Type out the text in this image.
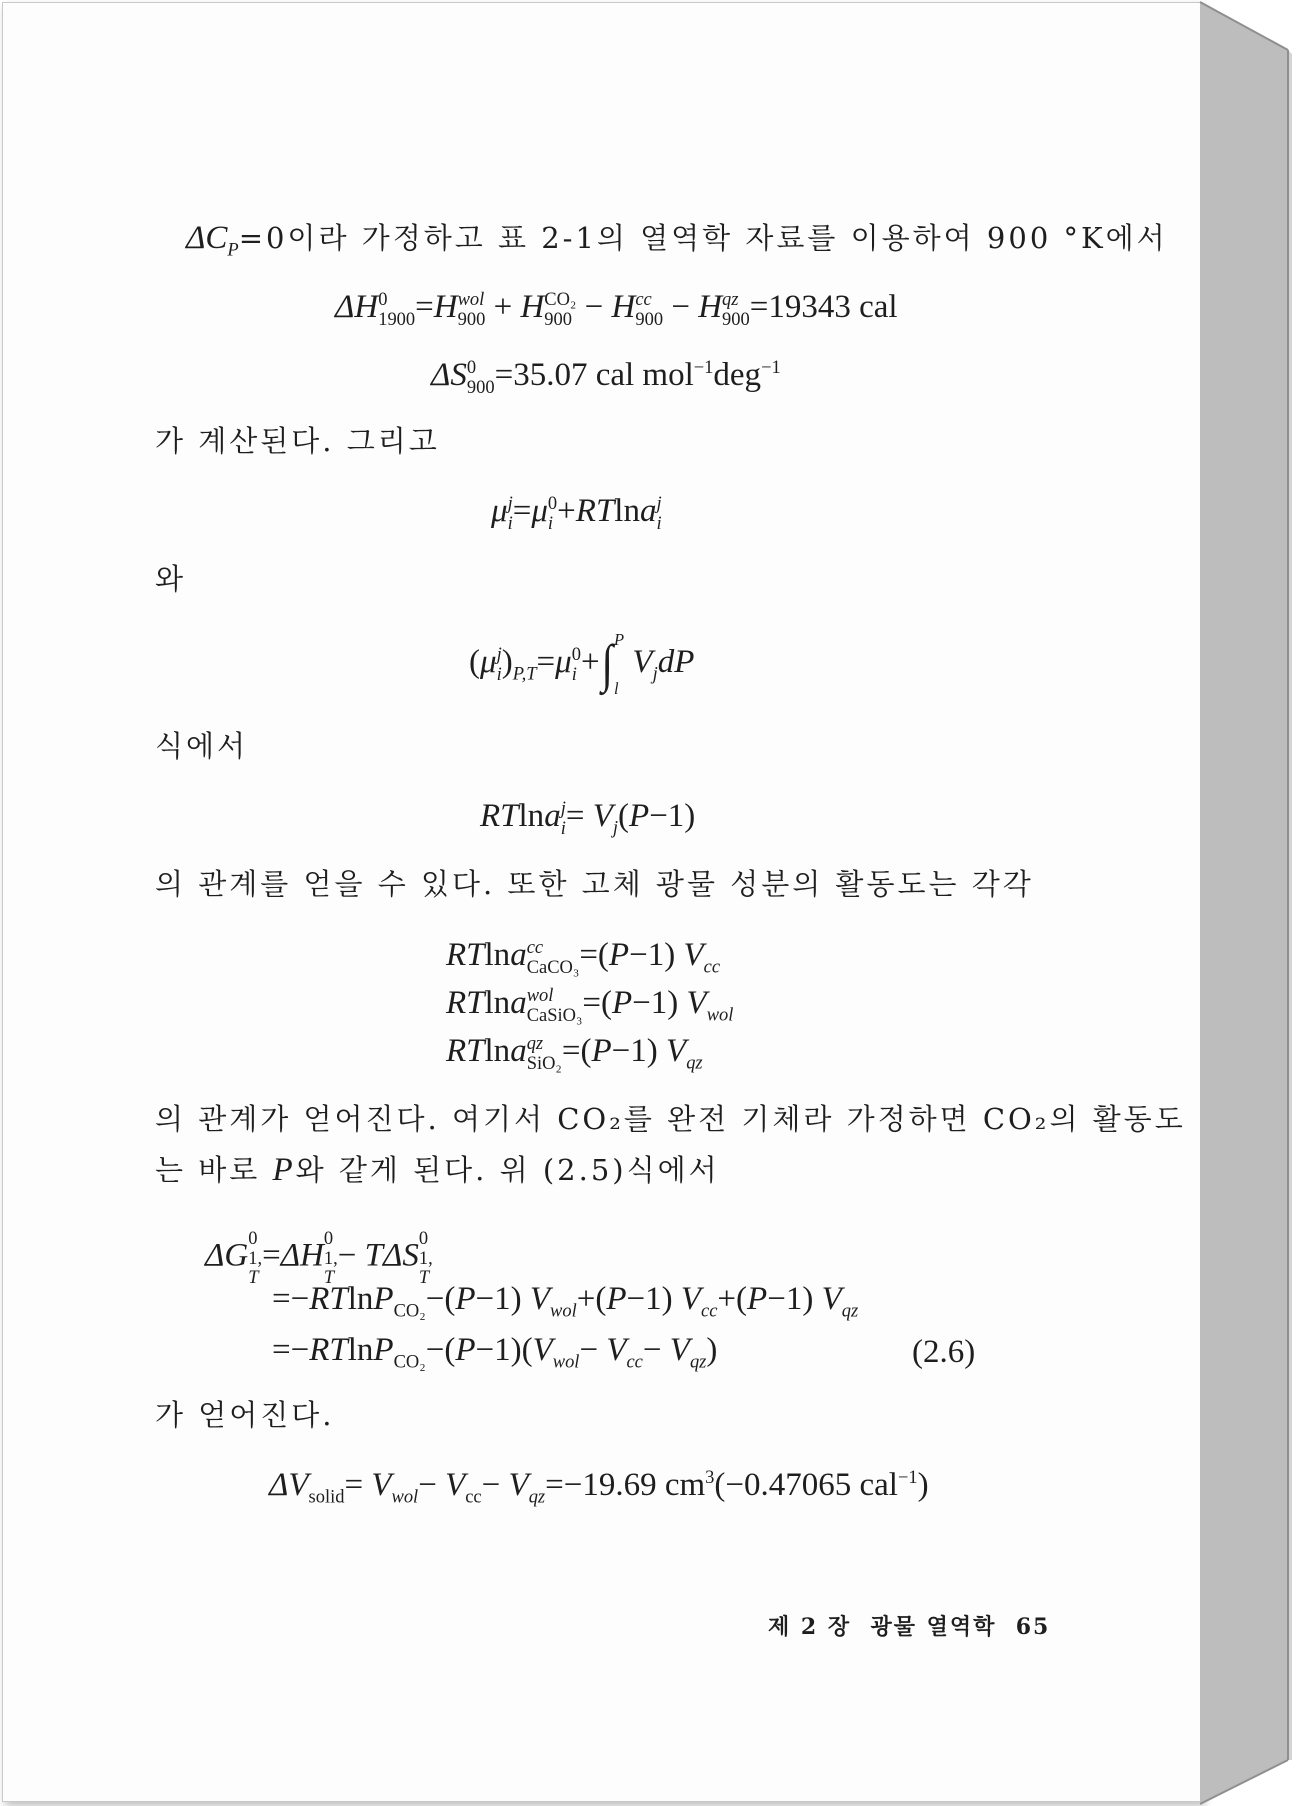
$\Delta C_P=0$이라 가정하고 표 2-1의 열역학 자료를 이용하여 900 °K에서
ΔH 0
1900 =H wol
900 + H CO₂
900 − H cc
900 − H qz
900 =19343 cal
ΔS 0
900 =35.07 cal mol$^{-1}$deg$^{-1}$
가 계산된다. 그리고
μ j
i =μ 0
i +RTlna j
i
와
(μ j
i )$_{P,T}=\mu$ 0
i +∫ P
l
$V_jdP$
식에서
RTlna j
$i = V_j(P-1)$
의 관계를 얻을 수 있다. 또한 고체 광물 성분의 활동도는 각각
RTlna cc
CaCO₃ =(P−1) $V_{cc}$
RTlna wol
CaSiO₃ =(P−1) $V_{wol}$
RTlna qz
SiO₂ =(P−1) $V_{qz}$
의 관계가 얻어진다. 여기서 CO₂를 완전 기체라 가정하면 CO₂의 활동도
는 바로 P와 같게 된다. 위 (2.5)식에서
ΔG 0
1,
T
=ΔH 0
1,
T
− TΔS 0
1,
T
=−RTlnP$_{CO_2}$−(P−1) $V_{wol}+(P-1)$ $V_{cc}+(P-1)$ $V_{qz}$
$=-RTlnP_{CO_2}-(P-1)(V_{wol}- V_{cc}- V_{qz})$	(2.6)
가 얻어진다.
$\Delta V_{solid}= V_{wol}- V_{cc}- V_{qz}=-19.69$ $cm^3(-0.47065$ cal$^{-1}$)
제 2 장 광물 열역학 65
